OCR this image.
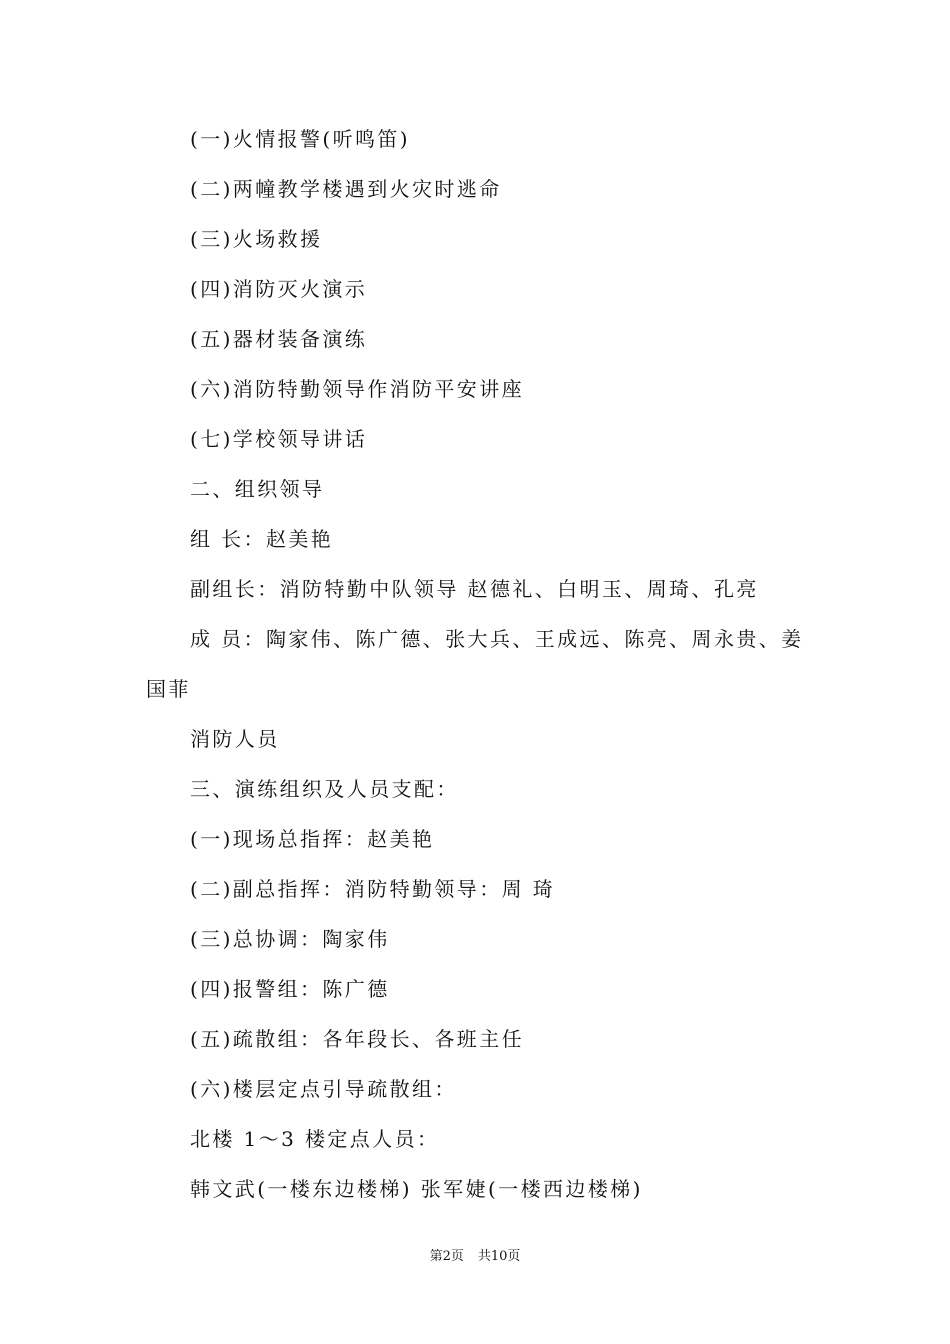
(一)火情报警(听鸣笛)
(二)两幢教学楼遇到火灾时逃命
(三)火场救援
(四)消防灭火演示
(五)器材装备演练
(六)消防特勤领导作消防平安讲座
(七)学校领导讲话
二、组织领导
组 长：赵美艳
副组长：消防特勤中队领导 赵德礼、白明玉、周琦、孔亮
成 员：陶家伟、陈广德、张大兵、王成远、陈亮、周永贵、姜
国菲
消防人员
三、演练组织及人员支配：
(一)现场总指挥：赵美艳
(二)副总指挥：消防特勤领导：周 琦
(三)总协调：陶家伟
(四)报警组：陈广德
(五)疏散组：各年段长、各班主任
(六)楼层定点引导疏散组：
北楼 1～3 楼定点人员：
韩文武(一楼东边楼梯) 张军婕(一楼西边楼梯)
第2页 共10页
